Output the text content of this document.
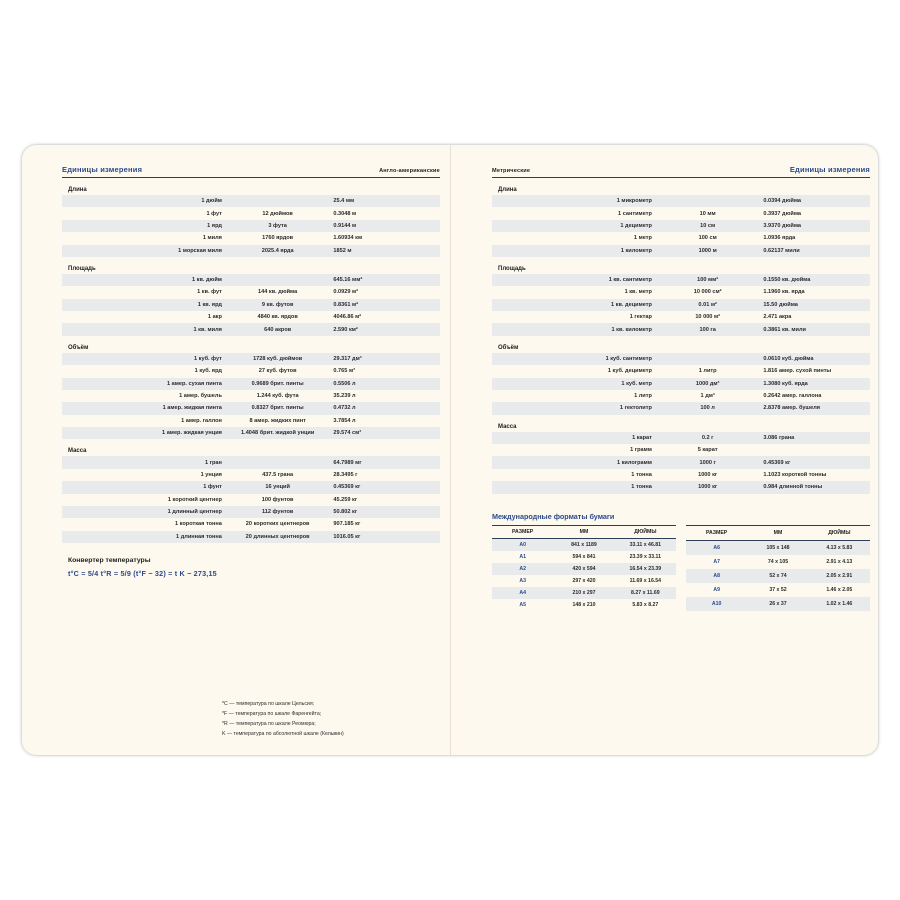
Единицы измерения	Англо-американские
Длина
1 дюйм		25.4 мм
1 фут	12 дюймов	0.3048 м
1 ярд	3 фута	0.9144 м
1 миля	1760 ярдов	1.60934 км
1 морская миля	2025.4 ярда	1852 м
Площадь
1 кв. дюйм		645.16 мм²
1 кв. фут	144 кв. дюйма	0.0929 м²
1 кв. ярд	9 кв. футов	0.8361 м²
1 акр	4840 кв. ярдов	4046.86 м²
1 кв. миля	640 акров	2.590 км²
Объём
1 куб. фут	1728 куб. дюймов	29.317 дм³
1 куб. ярд	27 куб. футов	0.765 м³
1 амер. сухая пинта	0.9689 брит. пинты	0.5506 л
1 амер. бушель	1.244 куб. фута	35.239 л
1 амер. жидкая пинта	0.8327 брит. пинты	0.4732 л
1 амер. галлон	8 амер. жидких пинт	3.7854 л
1 амер. жидкая унция	1.4048 брит. жидкой унции	29.574 см³
Масса
1 гран		64.7989 мг
1 унция	437.5 грана	28.3495 г
1 фунт	16 унций	0.45369 кг
1 короткий центнер	100 фунтов	45.259 кг
1 длинный центнер	112 фунтов	50.802 кг
1 короткая тонна	20 коротких центнеров	907.185 кг
1 длинная тонна	20 длинных центнеров	1016.05 кг
Конвертер температуры
t°C = 5/4 t°R = 5/9 (t°F − 32) = t K − 273,15
*C — температура по шкале Цельсия;
*F — температура по шкале Фаренгейта;
*R — температура по шкале Реомюра;
K — температура по абсолютной шкале (Кельвин)
Метрические	Единицы измерения
Длина
1 микрометр		0.0394 дюйма
1 сантиметр	10 мм	0.3937 дюйма
1 дециметр	10 см	3.9370 дюйма
1 метр	100 см	1.0936 ярда
1 километр	1000 м	0.62137 мили
Площадь
1 кв. сантиметр	100 мм²	0.1550 кв. дюйма
1 кв. метр	10 000 см²	1.1960 кв. ярда
1 кв. дециметр	0.01 м²	15.50 дюйма
1 гектар	10 000 м²	2.471 акра
1 кв. километр	100 га	0.3861 кв. мили
Объём
1 куб. сантиметр		0.0610 куб. дюйма
1 куб. дециметр	1 литр	1.816 амер. сухой пинты
1 куб. метр	1000 дм³	1.3080 куб. ярда
1 литр	1 дм³	0.2642 амер. галлона
1 гектолитр	100 л	2.8378 амер. бушеля
Масса
1 карат	0.2 г	3.086 грана
1 грамм	5 карат	
1 килограмм	1000 г	0.45369 кг
1 тонна	1000 кг	1.1023 короткой тонны
1 тонна	1000 кг	0.984 длинной тонны
Международные форматы бумаги
РАЗМЕР	ММ	ДЮЙМЫ
A0	841 x 1189	33.11 x 46.81
A1	594 x 841	23.39 x 33.11
A2	420 x 594	16.54 x 23.39
A3	297 x 420	11.69 x 16.54
A4	210 x 297	8.27 x 11.69
A5	148 x 210	5.83 x 8.27
РАЗМЕР	ММ	ДЮЙМЫ
A6	105 x 148	4.13 x 5.83
A7	74 x 105	2.91 x 4.13
A8	52 x 74	2.05 x 2.91
A9	37 x 52	1.46 x 2.05
A10	26 x 37	1.02 x 1.46
